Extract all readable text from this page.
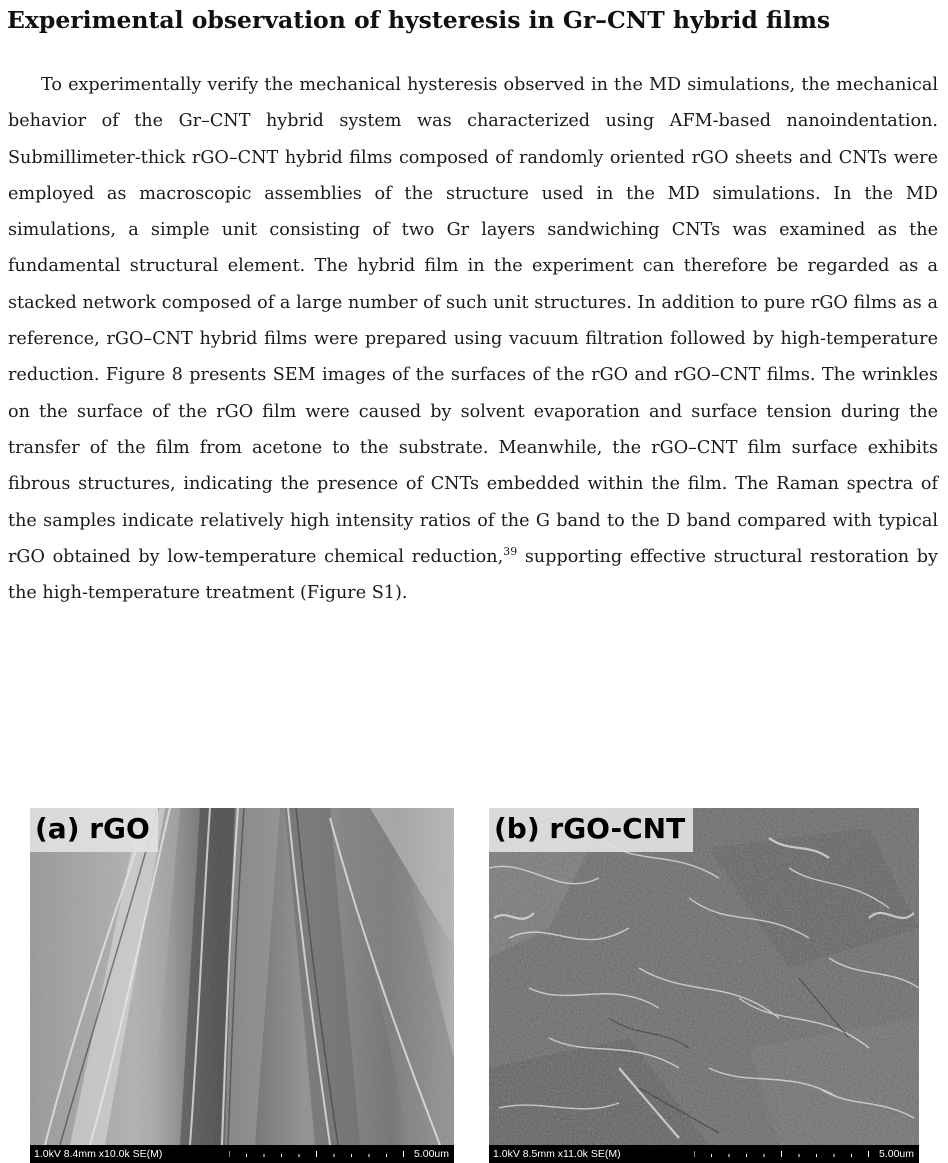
Experimental observation of hysteresis in Gr–CNT hybrid films

To experimentally verify the mechanical hysteresis observed in the MD simulations, the mechanical behavior of the Gr–CNT hybrid system was characterized using AFM-based nanoindentation. Submillimeter-thick rGO–CNT hybrid films composed of randomly oriented rGO sheets and CNTs were employed as macroscopic assemblies of the structure used in the MD simulations. In the MD simulations, a simple unit consisting of two Gr layers sandwiching CNTs was examined as the fundamental structural element. The hybrid film in the experiment can therefore be regarded as a stacked network composed of a large number of such unit structures. In addition to pure rGO films as a reference, rGO–CNT hybrid films were prepared using vacuum filtration followed by high-temperature reduction. Figure 8 presents SEM images of the surfaces of the rGO and rGO–CNT films. The wrinkles on the surface of the rGO film were caused by solvent evaporation and surface tension during the transfer of the film from acetone to the substrate. Meanwhile, the rGO–CNT film surface exhibits fibrous structures, indicating the presence of CNTs embedded within the film. The Raman spectra of the samples indicate relatively high intensity ratios of the G band to the D band compared with typical rGO obtained by low-temperature chemical reduction,$^{39}$ supporting effective structural restoration by the high-temperature treatment (Figure S1).

(a) rGO
1.0kV 8.4mm x10.0k SE(M)	5.00um
(b) rGO-CNT
1.0kV 8.5mm x11.0k SE(M)	5.00um
